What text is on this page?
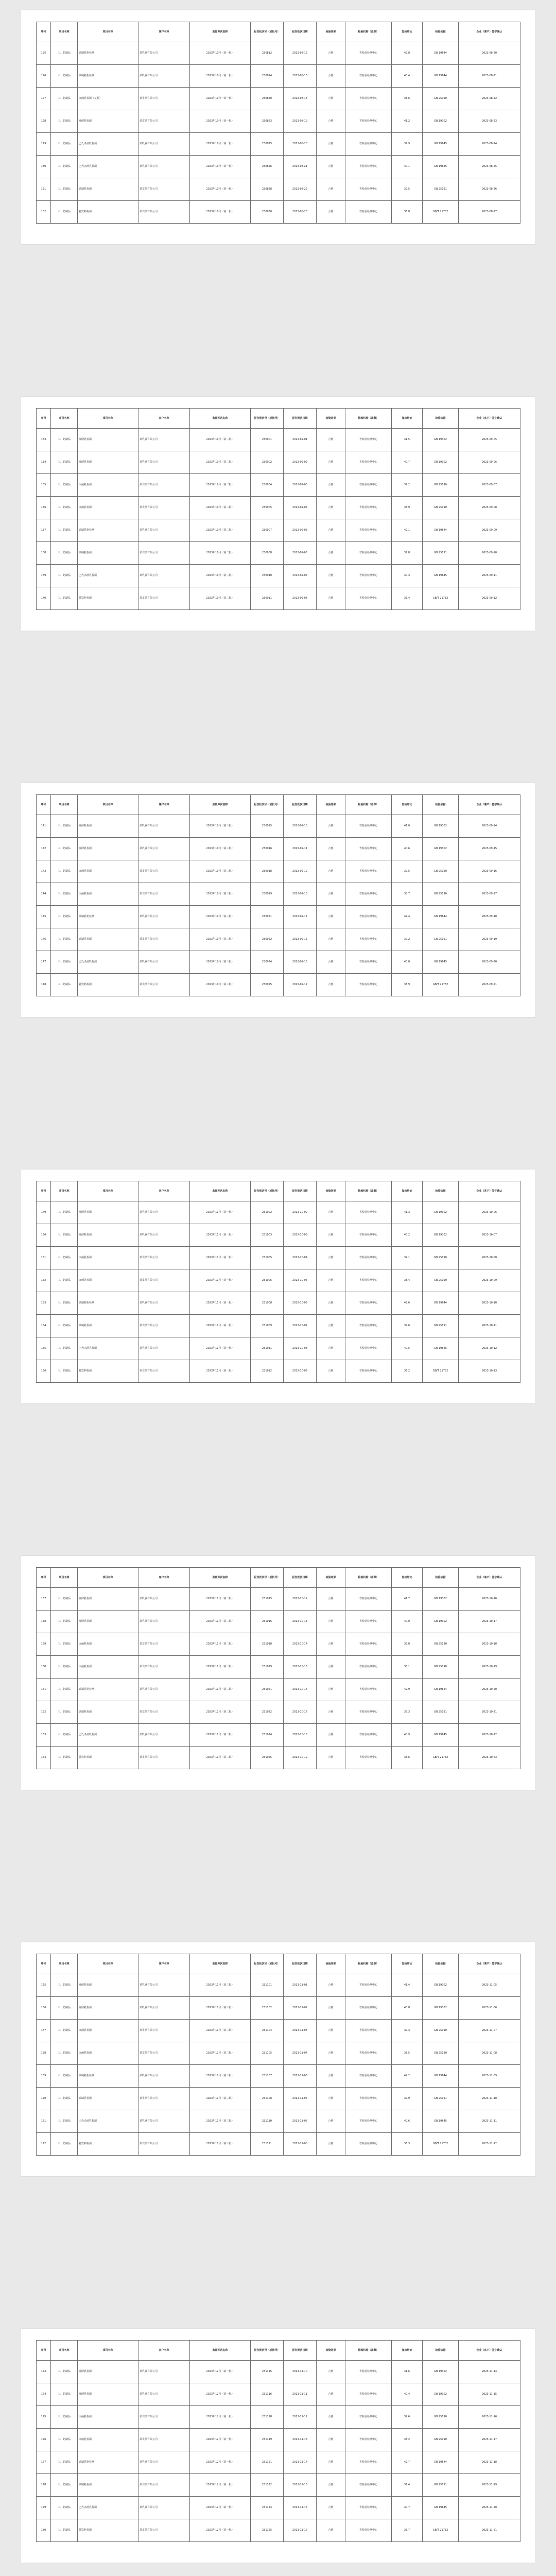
序号	项目名称	项目名称	客户名称	监督库次名称	报告批次号（或批号）	报告批次日期	检验结果	检验机构（盖章）	复检结论	检验依据	企业（客户）签字确认
125	三、奶制品	调制乳粉检测	某乳业有限公司	2023年10月（第一批）	230812	2023-08-15	合格	省检验检测中心	42.8	GB 19644	2023-08-20
126	三、奶制品	调制乳粉检测	某乳业有限公司	2023年10月（第一批）	230814	2023-08-16	合格	省检验检测中心	40.4	GB 19644	2023-08-21
127	三、奶制品	灭菌乳检测（复检）	某食品有限公司	2023年10月（第一批）	230820	2023-08-18	合格	省检验检测中心	38.6	GB 25190	2023-08-22
128	三、奶制品	发酵乳检测	某食品有限公司	2023年10月（第一批）	230823	2023-08-19	合格	省检验检测中心	41.2	GB 19302	2023-08-23
129	三、奶制品	巴氏杀菌乳检测	某乳业有限公司	2023年10月（第一批）	230825	2023-08-20	合格	省检验检测中心	39.9	GB 19645	2023-08-24
130	三、奶制品	巴氏杀菌乳检测	某乳业有限公司	2023年10月（第一批）	230826	2023-08-21	合格	省检验检测中心	40.1	GB 19645	2023-08-25
131	三、奶制品	调制乳检测	某食品有限公司	2023年10月（第一批）	230828	2023-08-22	合格	省检验检测中心	37.5	GB 25191	2023-08-26
132	三、奶制品	乳饮料检测	某食品有限公司	2023年10月（第一批）	230830	2023-08-23	合格	省检验检测中心	36.8	GB/T 21732	2023-08-27
序号	项目名称	项目名称	客户名称	监督库次名称	报告批次号（或批号）	报告批次日期	检验结果	检验机构（盖章）	复检结论	检验依据	企业（客户）签字确认
133	三、奶制品	发酵乳检测	某乳业有限公司	2023年10月（第二批）	230901	2023-09-01	合格	省检验检测中心	41.5	GB 19302	2023-09-05
134	三、奶制品	发酵乳检测	某乳业有限公司	2023年10月（第二批）	230902	2023-09-02	合格	省检验检测中心	40.7	GB 19302	2023-09-06
135	三、奶制品	灭菌乳检测	某食品有限公司	2023年10月（第二批）	230904	2023-09-03	合格	省检验检测中心	39.2	GB 25190	2023-09-07
136	三、奶制品	灭菌乳检测	某食品有限公司	2023年10月（第二批）	230905	2023-09-04	合格	省检验检测中心	38.9	GB 25190	2023-09-08
137	三、奶制品	调制乳粉检测	某乳业有限公司	2023年10月（第二批）	230907	2023-09-05	合格	省检验检测中心	42.1	GB 19644	2023-09-09
138	三、奶制品	调制乳检测	某食品有限公司	2023年10月（第二批）	230908	2023-09-06	合格	省检验检测中心	37.8	GB 25191	2023-09-10
139	三、奶制品	巴氏杀菌乳检测	某乳业有限公司	2023年10月（第二批）	230910	2023-09-07	合格	省检验检测中心	40.3	GB 19645	2023-09-11
140	三、奶制品	乳饮料检测	某食品有限公司	2023年10月（第二批）	230911	2023-09-08	合格	省检验检测中心	36.4	GB/T 21732	2023-09-12
序号	项目名称	项目名称	客户名称	监督库次名称	报告批次号（或批号）	报告批次日期	检验结果	检验机构（盖章）	复检结论	检验依据	企业（客户）签字确认
141	三、奶制品	发酵乳检测	某乳业有限公司	2023年10月（第三批）	230915	2023-09-10	合格	省检验检测中心	41.0	GB 19302	2023-09-14
142	三、奶制品	发酵乳检测	某乳业有限公司	2023年10月（第三批）	230916	2023-09-11	合格	省检验检测中心	40.6	GB 19302	2023-09-15
143	三、奶制品	灭菌乳检测	某食品有限公司	2023年10月（第三批）	230918	2023-09-12	合格	省检验检测中心	39.5	GB 25190	2023-09-16
144	三、奶制品	灭菌乳检测	某食品有限公司	2023年10月（第三批）	230919	2023-09-13	合格	省检验检测中心	38.7	GB 25190	2023-09-17
145	三、奶制品	调制乳粉检测	某乳业有限公司	2023年10月（第三批）	230921	2023-09-14	合格	省检验检测中心	42.4	GB 19644	2023-09-18
146	三、奶制品	调制乳检测	某食品有限公司	2023年10月（第三批）	230922	2023-09-15	合格	省检验检测中心	37.2	GB 25191	2023-09-19
147	三、奶制品	巴氏杀菌乳检测	某乳业有限公司	2023年10月（第三批）	230924	2023-09-16	合格	省检验检测中心	40.8	GB 19645	2023-09-20
148	三、奶制品	乳饮料检测	某食品有限公司	2023年10月（第三批）	230925	2023-09-17	合格	省检验检测中心	36.9	GB/T 21732	2023-09-21
序号	项目名称	项目名称	客户名称	监督库次名称	报告批次号（或批号）	报告批次日期	检验结果	检验机构（盖章）	复检结论	检验依据	企业（客户）签字确认
149	三、奶制品	发酵乳检测	某乳业有限公司	2023年11月（第一批）	231002	2023-10-02	合格	省检验检测中心	41.3	GB 19302	2023-10-06
150	三、奶制品	发酵乳检测	某乳业有限公司	2023年11月（第一批）	231003	2023-10-03	合格	省检验检测中心	40.2	GB 19302	2023-10-07
151	三、奶制品	灭菌乳检测	某食品有限公司	2023年11月（第一批）	231005	2023-10-04	合格	省检验检测中心	39.1	GB 25190	2023-10-08
152	三、奶制品	灭菌乳检测	某食品有限公司	2023年11月（第一批）	231006	2023-10-05	合格	省检验检测中心	38.4	GB 25190	2023-10-09
153	三、奶制品	调制乳粉检测	某乳业有限公司	2023年11月（第一批）	231008	2023-10-06	合格	省检验检测中心	42.6	GB 19644	2023-10-10
154	三、奶制品	调制乳检测	某食品有限公司	2023年11月（第一批）	231009	2023-10-07	合格	省检验检测中心	37.6	GB 25191	2023-10-11
155	三、奶制品	巴氏杀菌乳检测	某乳业有限公司	2023年11月（第一批）	231011	2023-10-08	合格	省检验检测中心	40.5	GB 19645	2023-10-12
156	三、奶制品	乳饮料检测	某食品有限公司	2023年11月（第一批）	231012	2023-10-09	合格	省检验检测中心	36.2	GB/T 21732	2023-10-13
序号	项目名称	项目名称	客户名称	监督库次名称	报告批次号（或批号）	报告批次日期	检验结果	检验机构（盖章）	复检结论	检验依据	企业（客户）签字确认
157	三、奶制品	发酵乳检测	某乳业有限公司	2023年11月（第二批）	231015	2023-10-12	合格	省检验检测中心	41.7	GB 19302	2023-10-16
158	三、奶制品	发酵乳检测	某乳业有限公司	2023年11月（第二批）	231016	2023-10-13	合格	省检验检测中心	40.0	GB 19302	2023-10-17
159	三、奶制品	灭菌乳检测	某食品有限公司	2023年11月（第二批）	231018	2023-10-14	合格	省检验检测中心	39.8	GB 25190	2023-10-18
160	三、奶制品	灭菌乳检测	某食品有限公司	2023年11月（第二批）	231019	2023-10-15	合格	省检验检测中心	38.1	GB 25190	2023-10-19
161	三、奶制品	调制乳粉检测	某乳业有限公司	2023年11月（第二批）	231021	2023-10-16	合格	省检验检测中心	42.9	GB 19644	2023-10-20
162	三、奶制品	调制乳检测	某食品有限公司	2023年11月（第二批）	231022	2023-10-17	合格	省检验检测中心	37.3	GB 25191	2023-10-21
163	三、奶制品	巴氏杀菌乳检测	某乳业有限公司	2023年11月（第二批）	231024	2023-10-18	合格	省检验检测中心	40.9	GB 19645	2023-10-22
164	三、奶制品	乳饮料检测	某食品有限公司	2023年11月（第二批）	231025	2023-10-19	合格	省检验检测中心	36.6	GB/T 21732	2023-10-23
序号	项目名称	项目名称	客户名称	监督库次名称	报告批次号（或批号）	报告批次日期	检验结果	检验机构（盖章）	复检结论	检验依据	企业（客户）签字确认
165	三、奶制品	发酵乳检测	某乳业有限公司	2023年11月（第三批）	231101	2023-11-01	合格	省检验检测中心	41.4	GB 19302	2023-11-05
166	三、奶制品	发酵乳检测	某乳业有限公司	2023年11月（第三批）	231102	2023-11-02	合格	省检验检测中心	40.8	GB 19302	2023-11-06
167	三、奶制品	灭菌乳检测	某食品有限公司	2023年11月（第三批）	231104	2023-11-03	合格	省检验检测中心	39.3	GB 25190	2023-11-07
168	三、奶制品	灭菌乳检测	某食品有限公司	2023年11月（第三批）	231105	2023-11-04	合格	省检验检测中心	38.5	GB 25190	2023-11-08
169	三、奶制品	调制乳粉检测	某乳业有限公司	2023年11月（第三批）	231107	2023-11-05	合格	省检验检测中心	42.2	GB 19644	2023-11-09
170	三、奶制品	调制乳检测	某食品有限公司	2023年11月（第三批）	231108	2023-11-06	合格	省检验检测中心	37.9	GB 25191	2023-11-10
171	三、奶制品	巴氏杀菌乳检测	某乳业有限公司	2023年11月（第三批）	231110	2023-11-07	合格	省检验检测中心	40.6	GB 19645	2023-11-11
172	三、奶制品	乳饮料检测	某食品有限公司	2023年11月（第三批）	231111	2023-11-08	合格	省检验检测中心	36.3	GB/T 21732	2023-11-12
序号	项目名称	项目名称	客户名称	监督库次名称	报告批次号（或批号）	报告批次日期	检验结果	检验机构（盖章）	复检结论	检验依据	企业（客户）签字确认
173	三、奶制品	发酵乳检测	某乳业有限公司	2023年12月（第一批）	231115	2023-11-10	合格	省检验检测中心	41.6	GB 19302	2023-11-14
174	三、奶制品	发酵乳检测	某乳业有限公司	2023年12月（第一批）	231116	2023-11-11	合格	省检验检测中心	40.4	GB 19302	2023-11-15
175	三、奶制品	灭菌乳检测	某食品有限公司	2023年12月（第一批）	231118	2023-11-12	合格	省检验检测中心	39.6	GB 25190	2023-11-16
176	三、奶制品	灭菌乳检测	某食品有限公司	2023年12月（第一批）	231119	2023-11-13	合格	省检验检测中心	38.2	GB 25190	2023-11-17
177	三、奶制品	调制乳粉检测	某乳业有限公司	2023年12月（第一批）	231121	2023-11-14	合格	省检验检测中心	42.7	GB 19644	2023-11-18
178	三、奶制品	调制乳检测	某食品有限公司	2023年12月（第一批）	231122	2023-11-15	合格	省检验检测中心	37.4	GB 25191	2023-11-19
179	三、奶制品	巴氏杀菌乳检测	某乳业有限公司	2023年12月（第一批）	231124	2023-11-16	合格	省检验检测中心	40.7	GB 19645	2023-11-20
180	三、奶制品	乳饮料检测	某食品有限公司	2023年12月（第一批）	231125	2023-11-17	合格	省检验检测中心	36.7	GB/T 21732	2023-11-21
